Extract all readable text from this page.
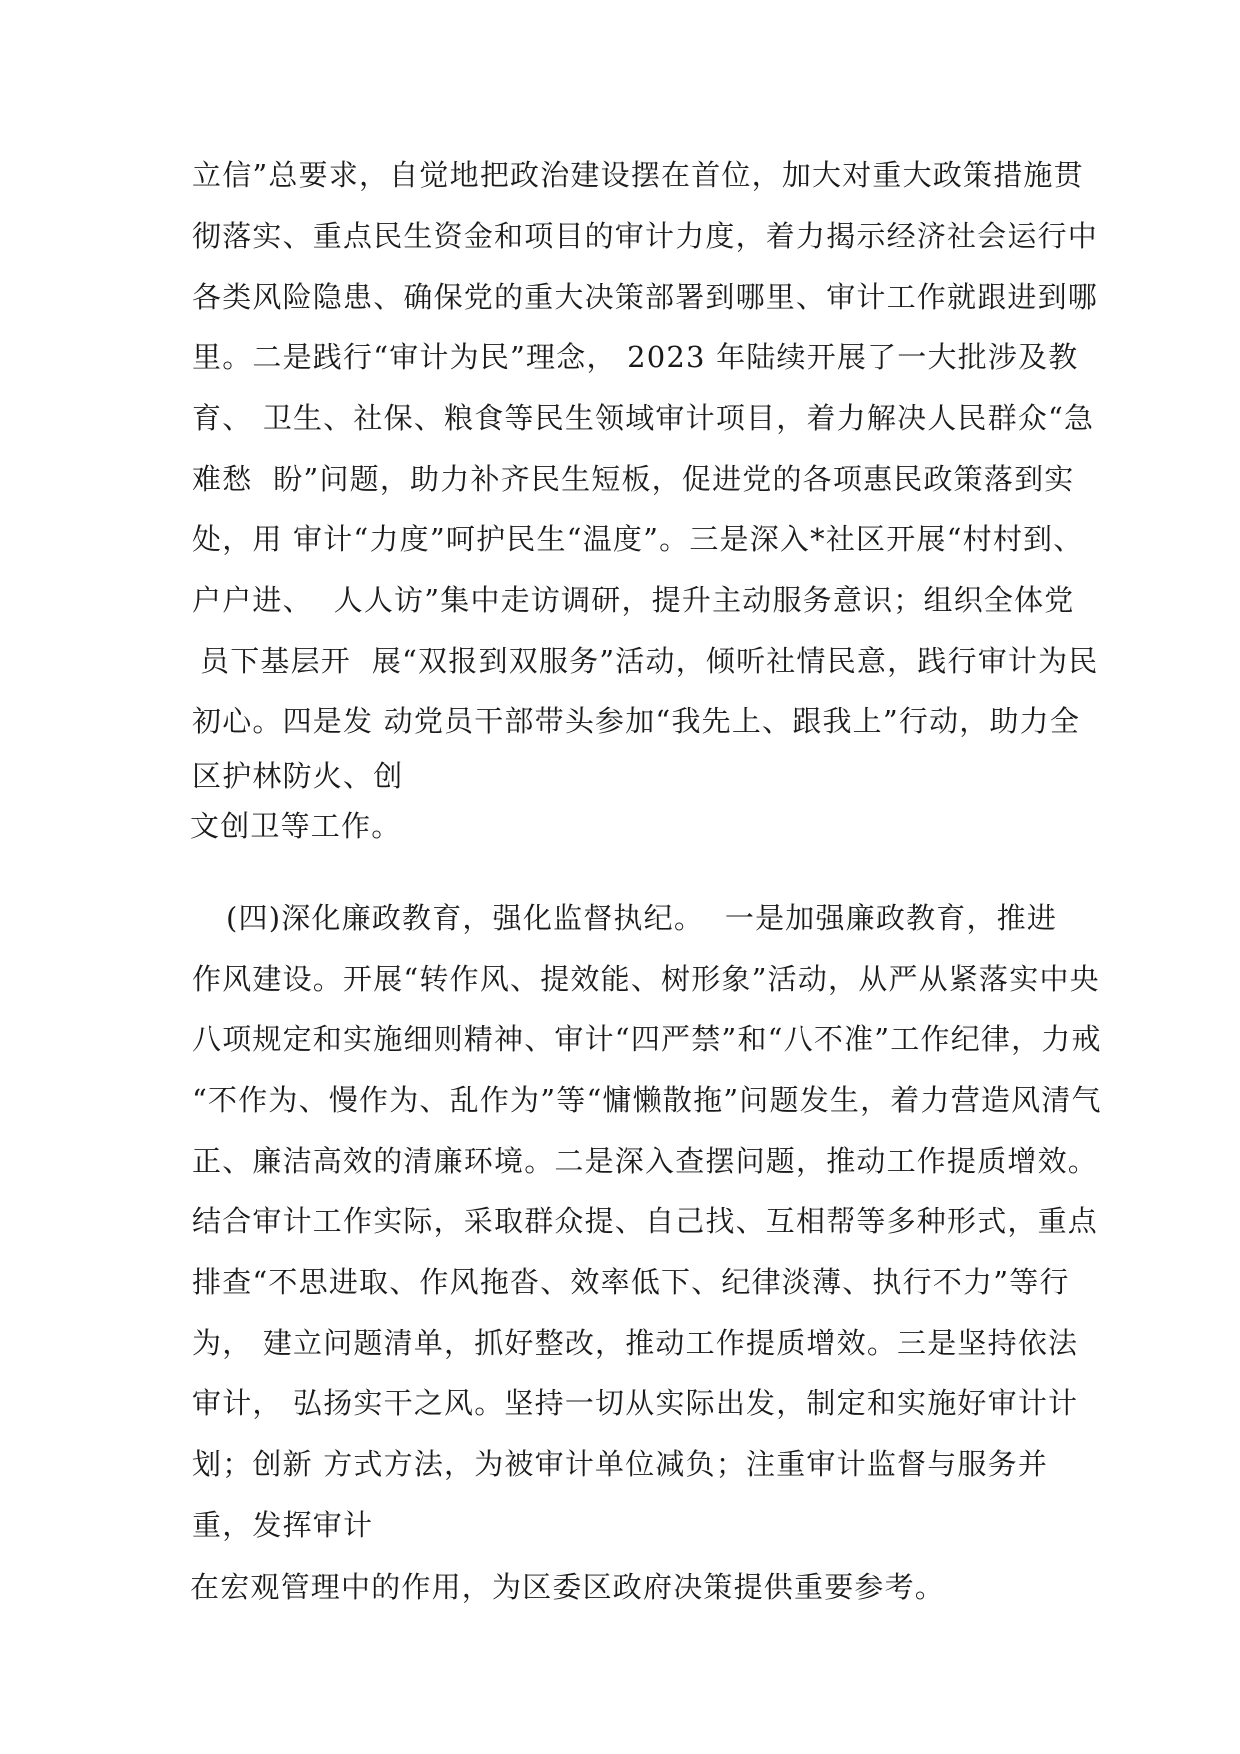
立信”总要求，自觉地把政治建设摆在首位，加大对重大政策措施贯
彻落实、重点民生资金和项目的审计力度，着力揭示经济社会运行中
各类风险隐患、确保党的重大决策部署到哪里、审计工作就跟进到哪
里。二是践行“审计为民”理念， 2023 年陆续开展了一大批涉及教
育、 卫生、社保、粮食等民生领域审计项目，着力解决人民群众“急
难愁  盼”问题，助力补齐民生短板，促进党的各项惠民政策落到实
处，用 审计“力度”呵护民生“温度”。三是深入*社区开展“村村到、
户户进、  人人访”集中走访调研，提升主动服务意识；组织全体党
员下基层开  展“双报到双服务”活动，倾听社情民意，践行审计为民
初心。四是发 动党员干部带头参加“我先上、跟我上”行动，助力全
区护林防火、创
文创卫等工作。
(四)深化廉政教育，强化监督执纪。  一是加强廉政教育，推进
作风建设。开展“转作风、提效能、树形象”活动，从严从紧落实中央
八项规定和实施细则精神、审计“四严禁”和“八不准”工作纪律，力戒
“不作为、慢作为、乱作为”等“慵懒散拖”问题发生，着力营造风清气
正、廉洁高效的清廉环境。二是深入查摆问题，推动工作提质增效。
结合审计工作实际，采取群众提、自己找、互相帮等多种形式，重点
排查“不思进取、作风拖沓、效率低下、纪律淡薄、执行不力”等行
为， 建立问题清单，抓好整改，推动工作提质增效。三是坚持依法
审计， 弘扬实干之风。坚持一切从实际出发，制定和实施好审计计
划；创新 方式方法，为被审计单位减负；注重审计监督与服务并
重，发挥审计
在宏观管理中的作用，为区委区政府决策提供重要参考。
